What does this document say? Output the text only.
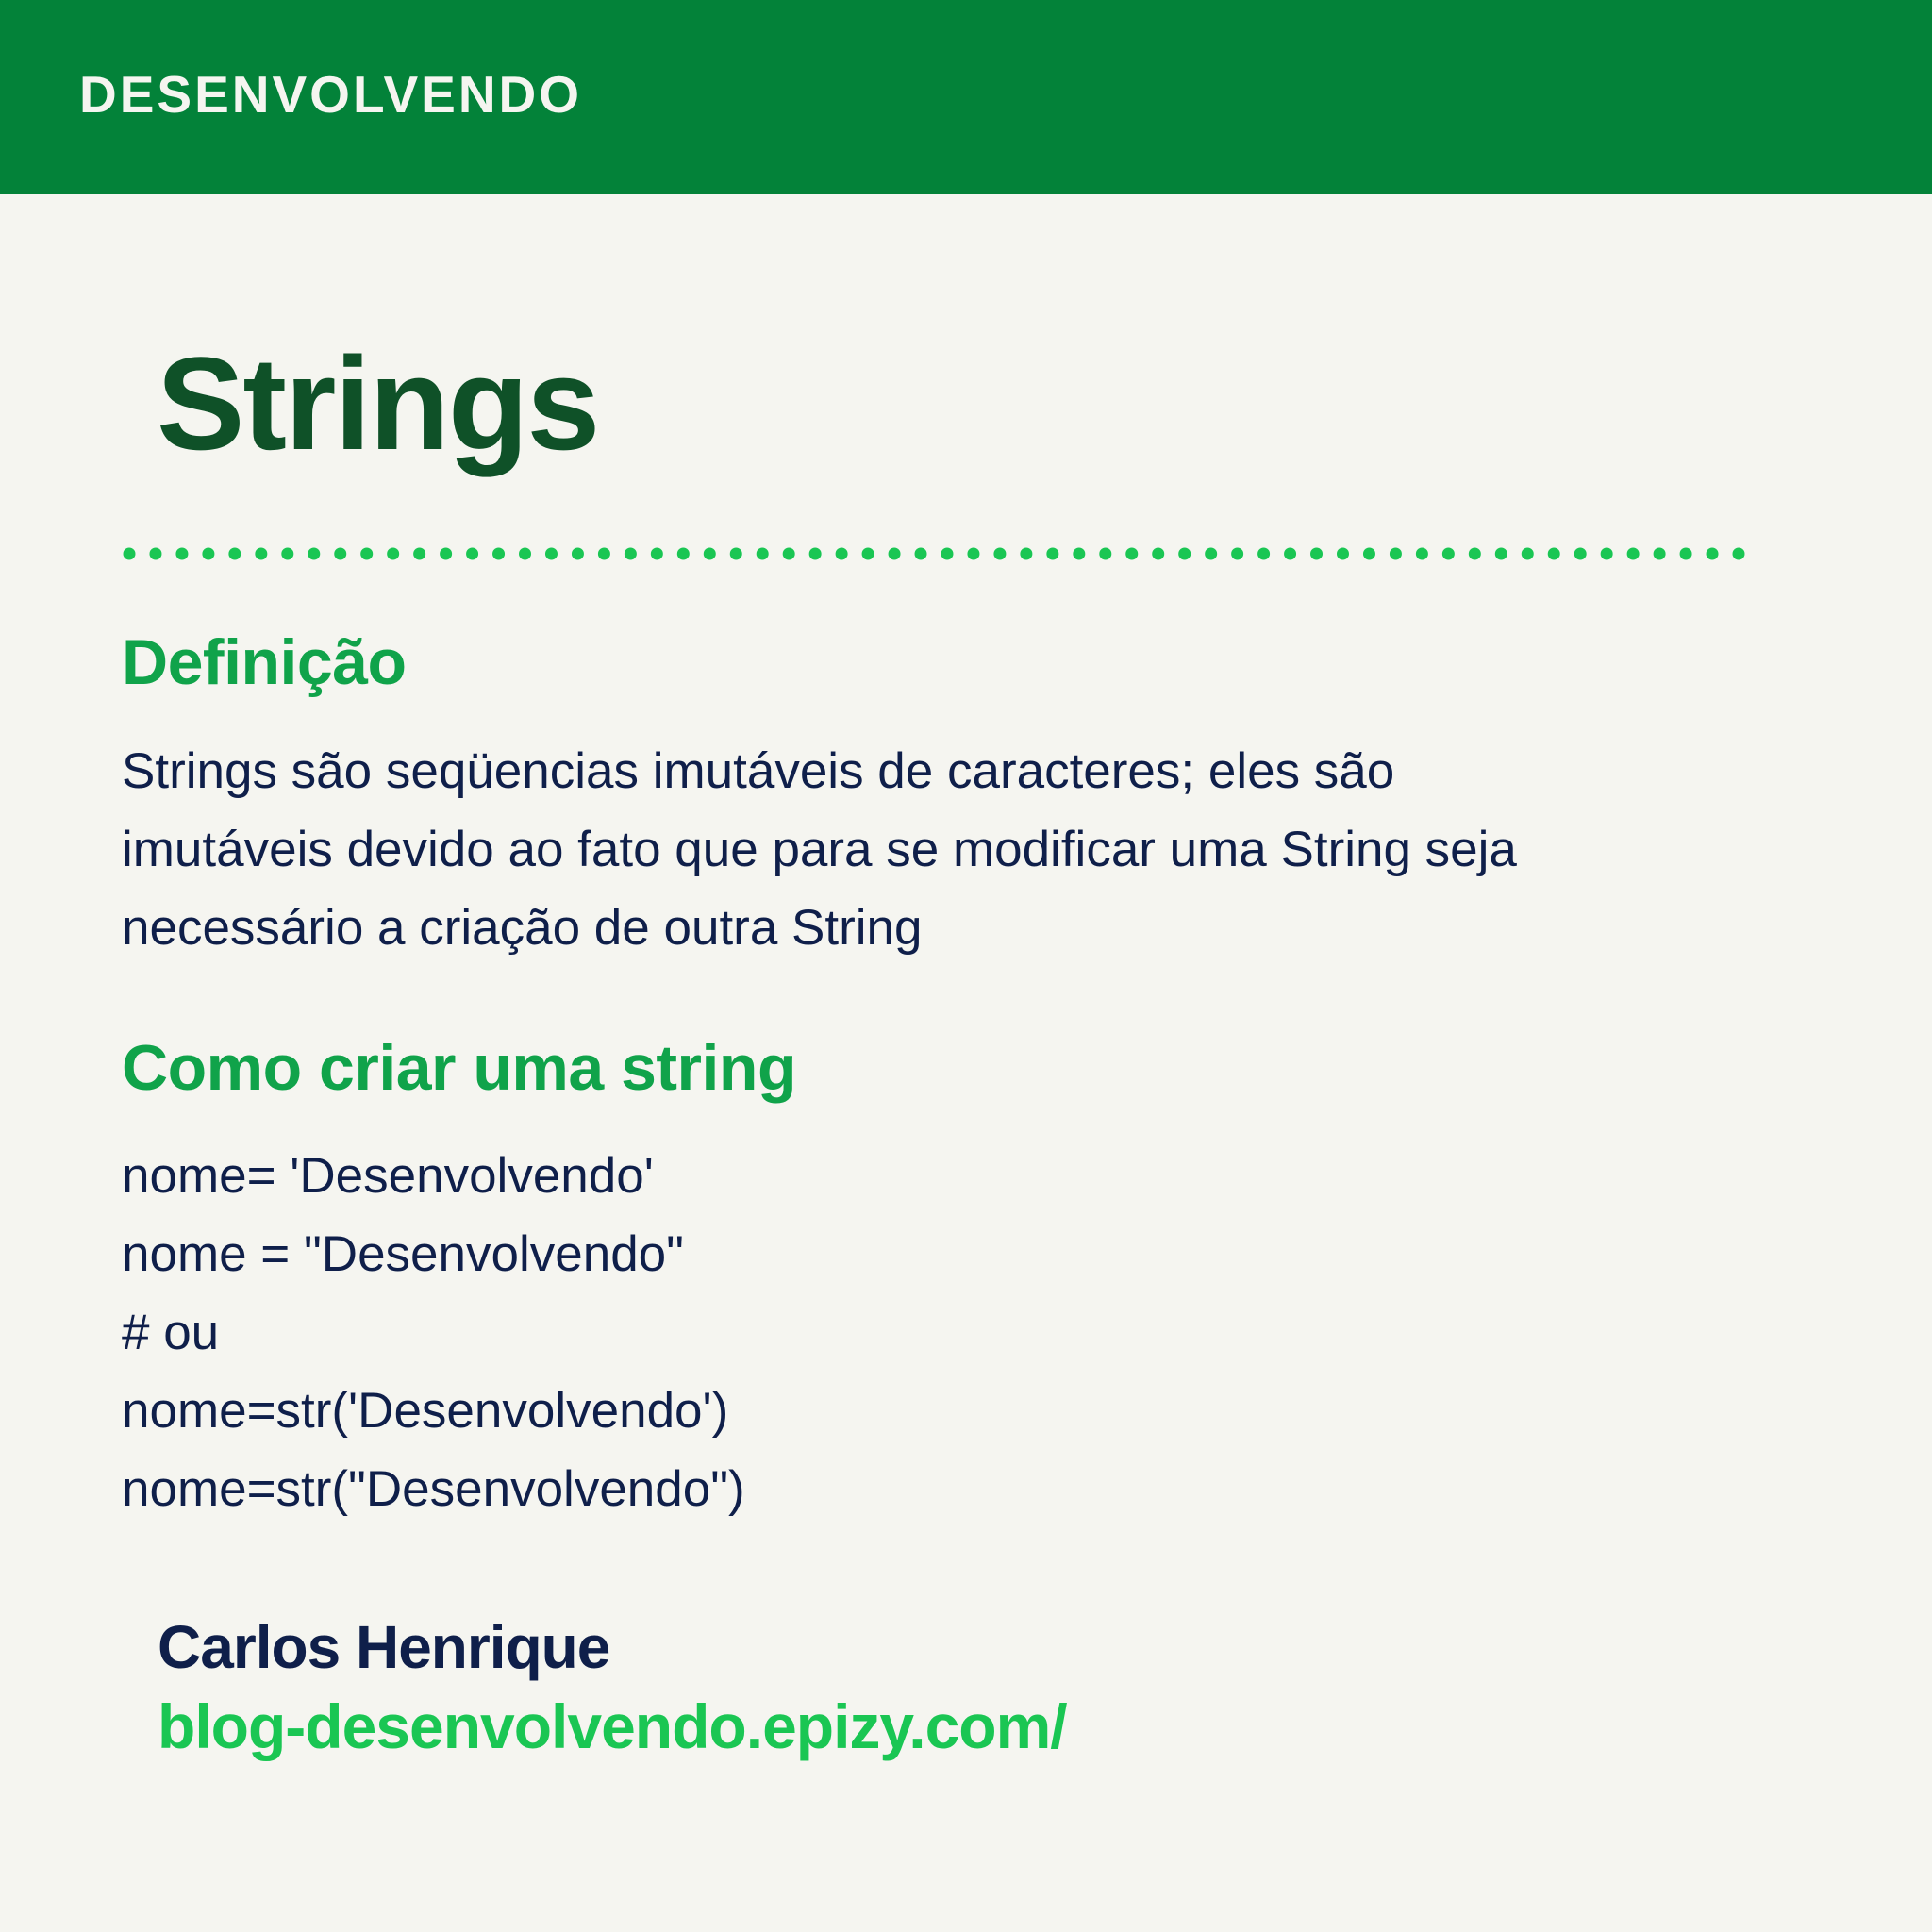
DESENVOLVENDO
Strings
Definição
Strings são seqüencias imutáveis de caracteres; eles são
imutáveis devido ao fato que para se modificar uma String seja
necessário a criação de outra String
Como criar uma string
nome= 'Desenvolvendo'
nome = "Desenvolvendo"
# ou
nome=str('Desenvolvendo')
nome=str("Desenvolvendo")
Carlos Henrique
blog-desenvolvendo.epizy.com/
